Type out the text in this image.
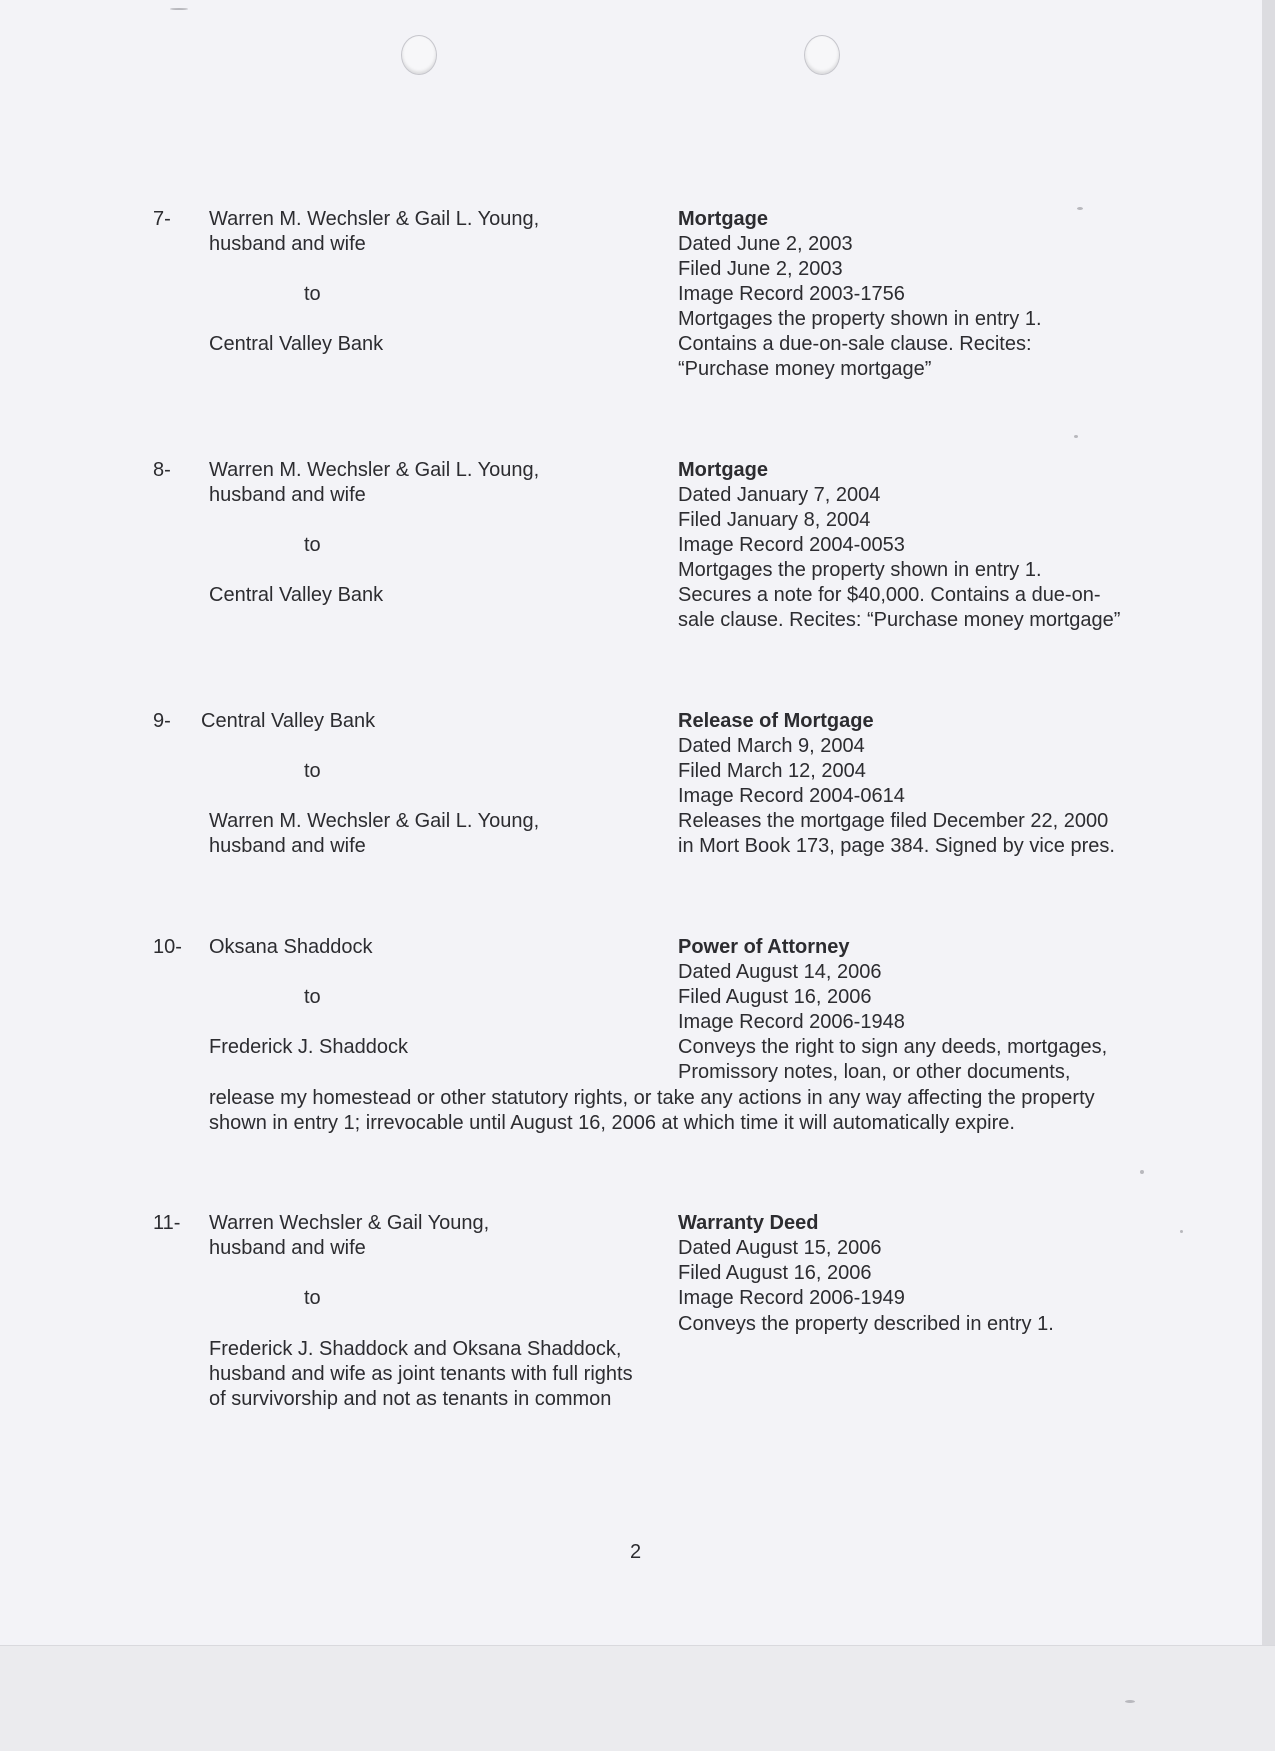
7- Warren M. Wechsler & Gail L. Young,
husband and wife
to
Central Valley Bank
Mortgage
Dated June 2, 2003
Filed June 2, 2003
Image Record 2003-1756
Mortgages the property shown in entry 1.
Contains a due-on-sale clause. Recites:
“Purchase money mortgage”
8- Warren M. Wechsler & Gail L. Young,
husband and wife
to
Central Valley Bank
Mortgage
Dated January 7, 2004
Filed January 8, 2004
Image Record 2004-0053
Mortgages the property shown in entry 1.
Secures a note for $40,000. Contains a due-on-
sale clause. Recites: “Purchase money mortgage”
9- Central Valley Bank
to
Warren M. Wechsler & Gail L. Young,
husband and wife
Release of Mortgage
Dated March 9, 2004
Filed March 12, 2004
Image Record 2004-0614
Releases the mortgage filed December 22, 2000
in Mort Book 173, page 384. Signed by vice pres.
10- Oksana Shaddock
to
Frederick J. Shaddock
Power of Attorney
Dated August 14, 2006
Filed August 16, 2006
Image Record 2006-1948
Conveys the right to sign any deeds, mortgages,
Promissory notes, loan, or other documents,
release my homestead or other statutory rights, or take any actions in any way affecting the property
shown in entry 1; irrevocable until August 16, 2006 at which time it will automatically expire.
11- Warren Wechsler & Gail Young,
husband and wife
to
Frederick J. Shaddock and Oksana Shaddock,
husband and wife as joint tenants with full rights
of survivorship and not as tenants in common
Warranty Deed
Dated August 15, 2006
Filed August 16, 2006
Image Record 2006-1949
Conveys the property described in entry 1.
2
